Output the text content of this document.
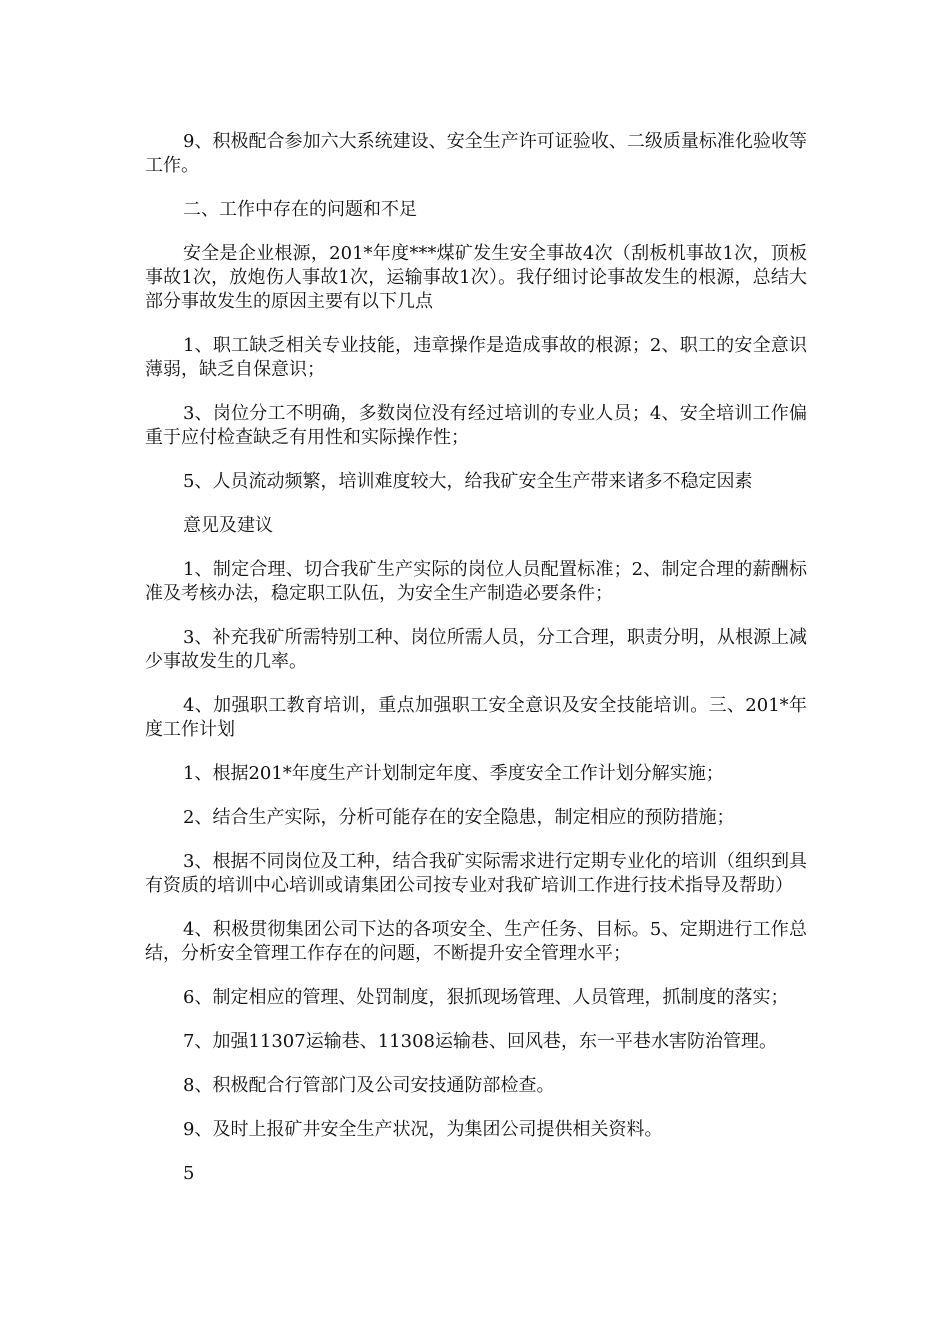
9、积极配合参加六大系统建设、安全生产许可证验收、二级质量标准化验收等工作。

二、工作中存在的问题和不足

安全是企业根源，201*年度***煤矿发生安全事故4次（刮板机事故1次，顶板事故1次，放炮伤人事故1次，运输事故1次）。我仔细讨论事故发生的根源，总结大部分事故发生的原因主要有以下几点

1、职工缺乏相关专业技能，违章操作是造成事故的根源；2、职工的安全意识薄弱，缺乏自保意识；

3、岗位分工不明确，多数岗位没有经过培训的专业人员；4、安全培训工作偏重于应付检查缺乏有用性和实际操作性；

5、人员流动频繁，培训难度较大，给我矿安全生产带来诸多不稳定因素

意见及建议

1、制定合理、切合我矿生产实际的岗位人员配置标准；2、制定合理的薪酬标准及考核办法，稳定职工队伍，为安全生产制造必要条件；

3、补充我矿所需特别工种、岗位所需人员，分工合理，职责分明，从根源上减少事故发生的几率。

4、加强职工教育培训，重点加强职工安全意识及安全技能培训。三、201*年度工作计划

1、根据201*年度生产计划制定年度、季度安全工作计划分解实施；

2、结合生产实际，分析可能存在的安全隐患，制定相应的预防措施；

3、根据不同岗位及工种，结合我矿实际需求进行定期专业化的培训（组织到具有资质的培训中心培训或请集团公司按专业对我矿培训工作进行技术指导及帮助）

4、积极贯彻集团公司下达的各项安全、生产任务、目标。5、定期进行工作总结，分析安全管理工作存在的问题，不断提升安全管理水平；

6、制定相应的管理、处罚制度，狠抓现场管理、人员管理，抓制度的落实；

7、加强11307运输巷、11308运输巷、回风巷，东一平巷水害防治管理。

8、积极配合行管部门及公司安技通防部检查。

9、及时上报矿井安全生产状况，为集团公司提供相关资料。

5
